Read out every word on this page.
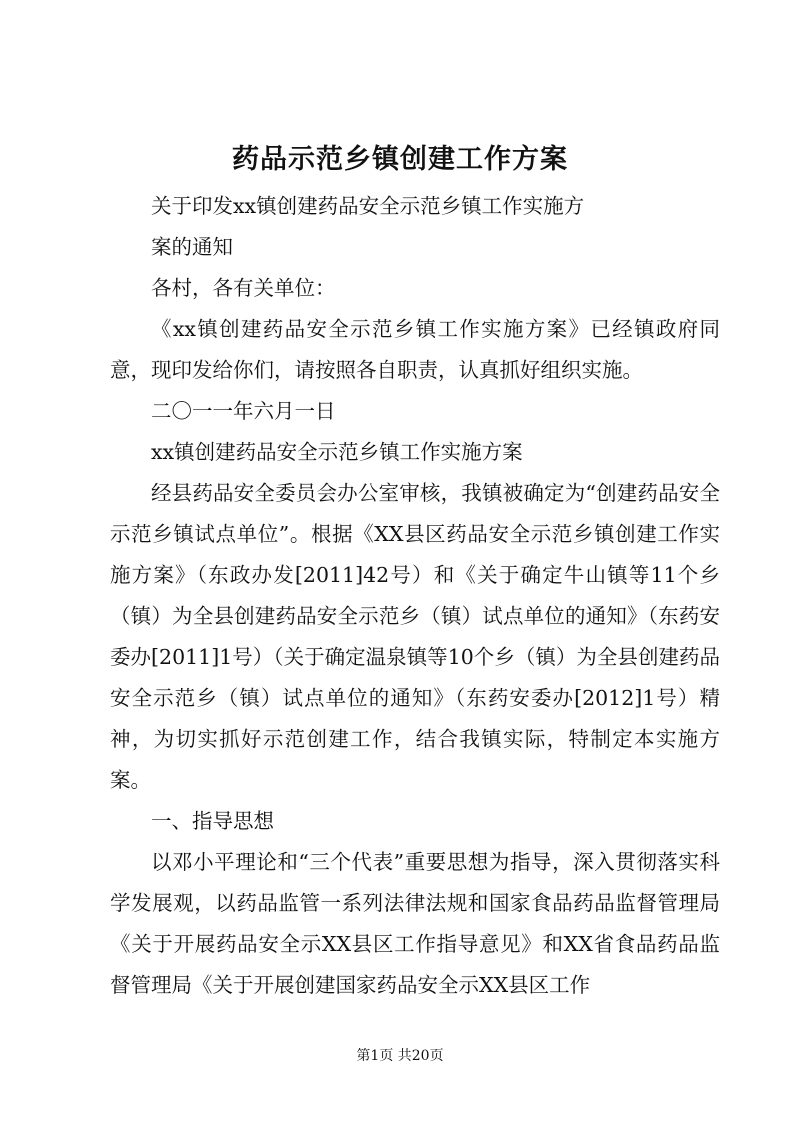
药品示范乡镇创建工作方案

关于印发xx镇创建药品安全示范乡镇工作实施方

案的通知

各村，各有关单位：

《xx镇创建药品安全示范乡镇工作实施方案》已经镇政府同意，现印发给你们，请按照各自职责，认真抓好组织实施。

二〇一一年六月一日

xx镇创建药品安全示范乡镇工作实施方案

经县药品安全委员会办公室审核，我镇被确定为“创建药品安全示范乡镇试点单位”。根据《XX县区药品安全示范乡镇创建工作实施方案》（东政办发[2011]42号）和《关于确定牛山镇等11个乡（镇）为全县创建药品安全示范乡（镇）试点单位的通知》（东药安委办[2011]1号）（关于确定温泉镇等10个乡（镇）为全县创建药品安全示范乡（镇）试点单位的通知》（东药安委办[2012]1号）精神，为切实抓好示范创建工作，结合我镇实际，特制定本实施方案。

一、指导思想

以邓小平理论和“三个代表”重要思想为指导，深入贯彻落实科学发展观，以药品监管一系列法律法规和国家食品药品监督管理局《关于开展药品安全示XX县区工作指导意见》和XX省食品药品监督管理局《关于开展创建国家药品安全示XX县区工作

第1页 共20页
